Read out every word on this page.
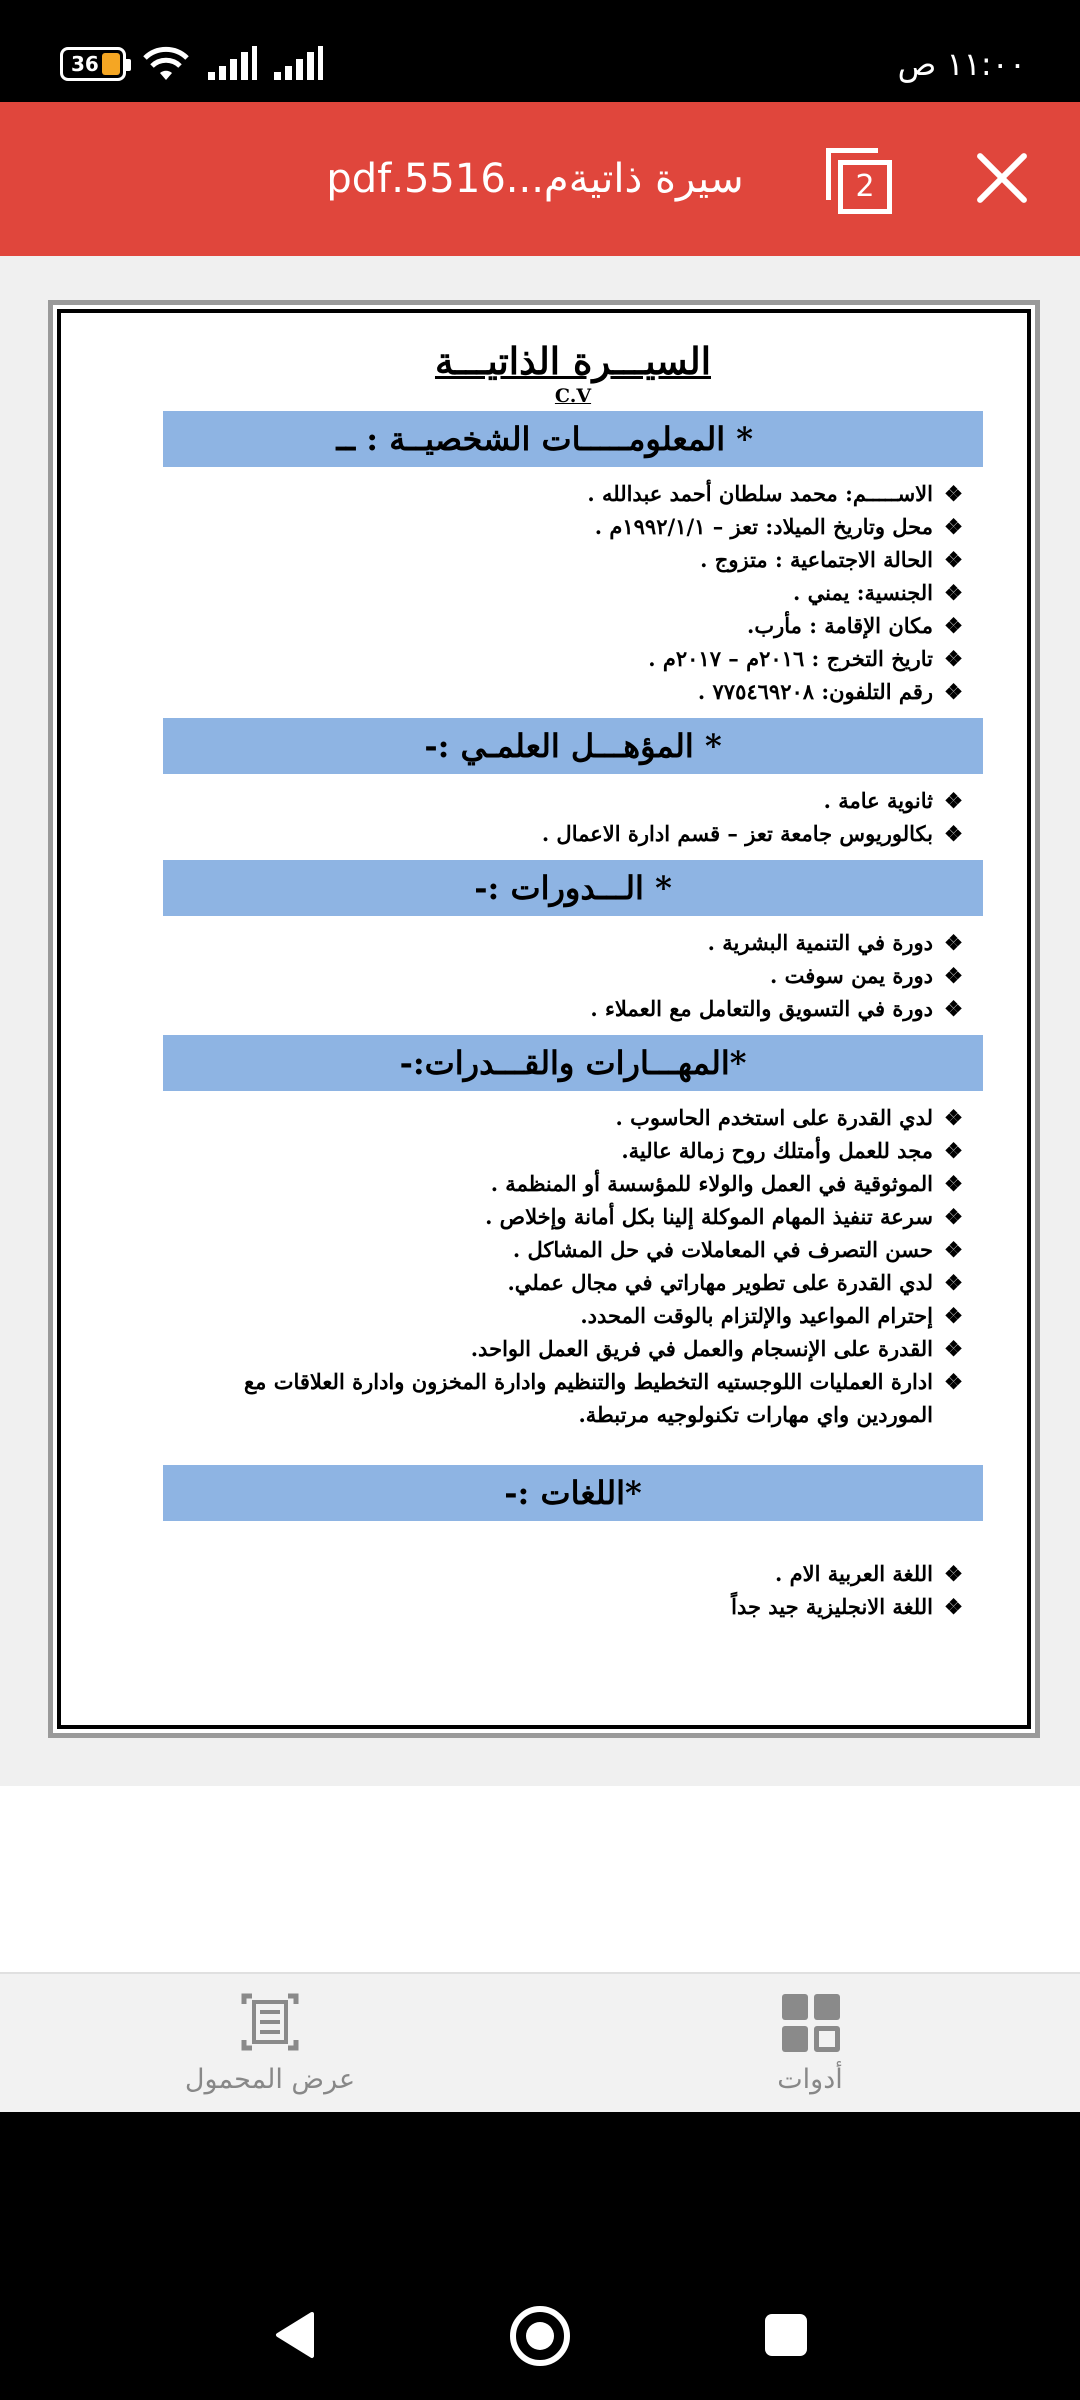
36	١١:٠٠ ص
سيرة ذاتيةم...5516.pdf	2
السيـــرة الذاتيـــة
C.V
* المعلومـــــات الشخصيــة : ــ
❖ الاســـــم: محمد سلطان أحمد عبدالله .
❖ محل وتاريخ الميلاد: تعز – ١٩٩٢/١/١م .
❖ الحالة الاجتماعية : متزوج .
❖ الجنسية: يمني .
❖ مكان الإقامة : مأرب.
❖ تاريخ التخرج : ٢٠١٦م – ٢٠١٧م .
❖ رقم التلفون: ٧٧٥٤٦٩٢٠٨ .
* المؤهـــل العلمـي :-
❖ ثانوية عامة .
❖ بكالوريوس جامعة تعز – قسم ادارة الاعمال .
* الـــدورات :-
❖ دورة في التنمية البشرية .
❖ دورة يمن سوفت .
❖ دورة في التسويق والتعامل مع العملاء .
*المهـــارات والقـــدرات:-
❖ لدي القدرة على استخدم الحاسوب .
❖ مجد للعمل وأمتلك روح زمالة عالية.
❖ الموثوقية في العمل والولاء للمؤسسة أو المنظمة .
❖ سرعة تنفيذ المهام الموكلة إلينا بكل أمانة وإخلاص .
❖ حسن التصرف في المعاملات في حل المشاكل .
❖ لدي القدرة على تطوير مهاراتي في مجال عملي.
❖ إحترام المواعيد والإلتزام بالوقت المحدد.
❖ القدرة على الإنسجام والعمل في فريق العمل الواحد.
❖ ادارة العمليات اللوجستيه التخطيط والتنظيم وادارة المخزون وادارة العلاقات مع الموردين واي مهارات تكنولوجيه مرتبطة.
*اللغات :-
❖ اللغة العربية الام .
❖ اللغة الانجليزية جيد جداً
عرض المحمول	أدوات
